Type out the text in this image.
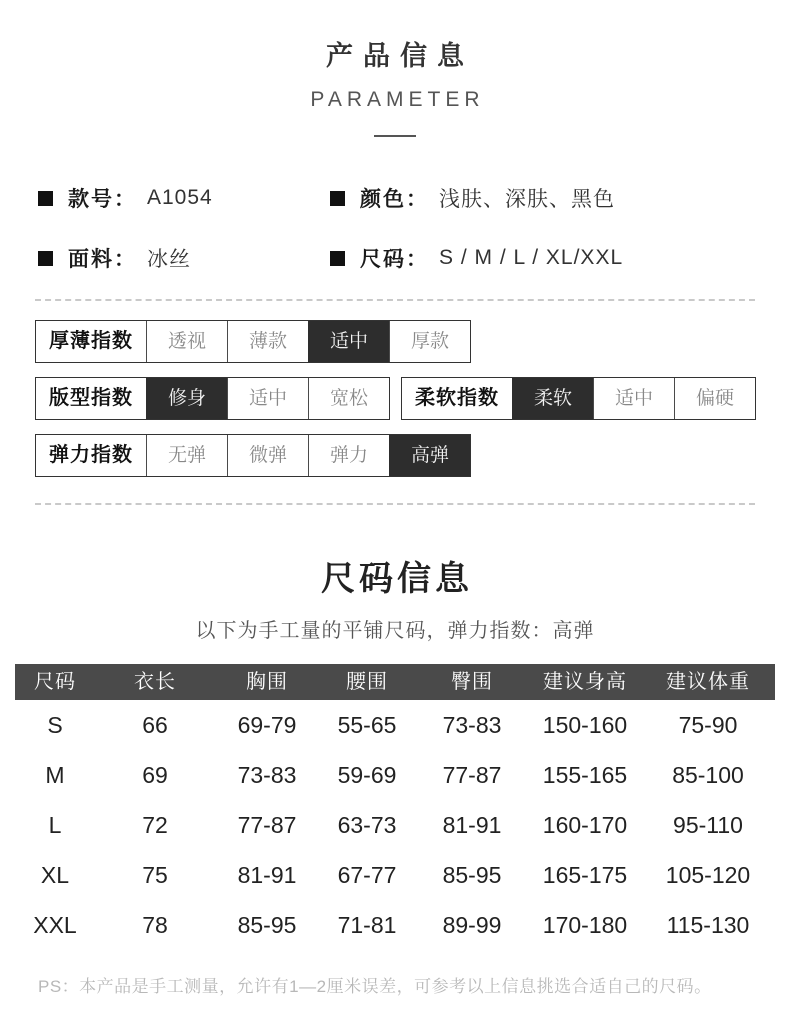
产品信息
PARAMETER
款号： A1054	颜色： 浅肤、深肤、黑色
面料： 冰丝	尺码： S / M / L / XL/XXL
厚薄指数	透视	薄款	适中	厚款
版型指数	修身	适中	宽松	柔软指数	柔软	适中	偏硬
弹力指数	无弹	微弹	弹力	高弹
尺码信息
以下为手工量的平铺尺码，弹力指数：高弹
尺码	衣长	胸围	腰围	臀围	建议身高	建议体重
S	66	69-79	55-65	73-83	150-160	75-90
M	69	73-83	59-69	77-87	155-165	85-100
L	72	77-87	63-73	81-91	160-170	95-110
XL	75	81-91	67-77	85-95	165-175	105-120
XXL	78	85-95	71-81	89-99	170-180	115-130
PS：本产品是手工测量，允许有1—2厘米误差，可参考以上信息挑选合适自己的尺码。
